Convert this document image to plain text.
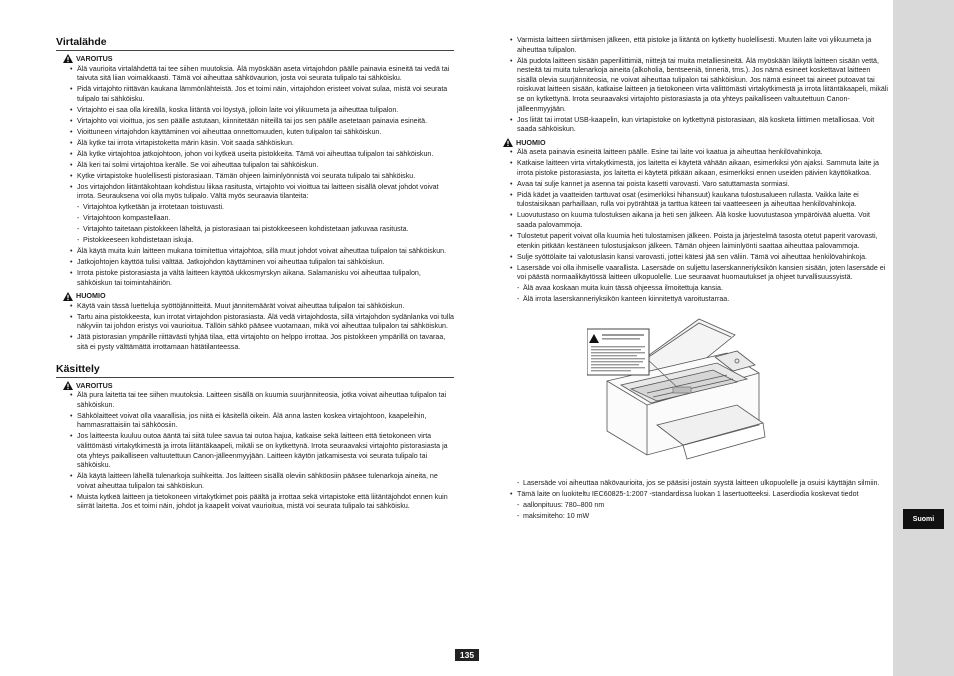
Virtalähde
VAROITUS
• Älä vaurioita virtalähdettä tai tee siihen muutoksia. Älä myöskään aseta virtajohdon päälle painavia esineitä tai vedä tai taivuta sitä liian voimakkaasti. Tämä voi aiheuttaa sähkövaurion, josta voi seurata tulipalo tai sähköisku.
• Pidä virtajohto riittävän kaukana lämmönlähteistä. Jos et toimi näin, virtajohdon eristeet voivat sulaa, mistä voi seurata tulipalo tai sähköisku.
• Virtajohto ei saa olla kireällä, koska liitäntä voi löystyä, jolloin laite voi ylikuumeta ja aiheuttaa tulipalon.
• Virtajohto voi vioittua, jos sen päälle astutaan, kiinnitetään niiteillä tai jos sen päälle asetetaan painavia esineitä.
• Vioittuneen virtajohdon käyttäminen voi aiheuttaa onnettomuuden, kuten tulipalon tai sähköiskun.
• Älä kytke tai irrota virtapistoketta märin käsin. Voit saada sähköiskun.
• Älä kytke virtajohtoa jatkojohtoon, johon voi kytkeä useita pistokkeita. Tämä voi aiheuttaa tulipalon tai sähköiskun.
• Älä keri tai solmi virtajohtoa kerälle. Se voi aiheuttaa tulipalon tai sähköiskun.
• Kytke virtapistoke huolellisesti pistorasiaan. Tämän ohjeen laiminlyönnistä voi seurata tulipalo tai sähköisku.
• Jos virtajohdon liitäntäkohtaan kohdistuu liikaa rasitusta, virtajohto voi vioittua tai laitteen sisällä olevat johdot voivat irrota. Seurauksena voi olla myös tulipalo. Vältä myös seuraavia tilanteita:
- Virtajohtoa kytketään ja irrotetaan toistuvasti.
- Virtajohtoon kompastellaan.
- Virtajohto taitetaan pistokkeen läheltä, ja pistorasiaan tai pistokkeeseen kohdistetaan jatkuvaa rasitusta.
- Pistokkeeseen kohdistetaan iskuja.
• Älä käytä muita kuin laitteen mukana toimitettua virtajohtoa, sillä muut johdot voivat aiheuttaa tulipalon tai sähköiskun.
• Jatkojohtojen käyttöä tulisi välttää. Jatkojohdon käyttäminen voi aiheuttaa tulipalon tai sähköiskun.
• Irrota pistoke pistorasiasta ja vältä laitteen käyttöä ukkosmyrskyn aikana. Salamanisku voi aiheuttaa tulipalon, sähköiskun tai toimintahäiriön.
HUOMIO
• Käytä vain tässä luetteluja syöttöjännitteitä. Muut jännitemäärät voivat aiheuttaa tulipalon tai sähköiskun.
• Tartu aina pistokkeesta, kun irrotat virtajohdon pistorasiasta. Älä vedä virtajohdosta, sillä virtajohdon sydänlanka voi tulla näkyviin tai johdon eristys voi vaurioitua. Tällöin sähkö pääsee vuotamaan, mikä voi aiheuttaa tulipalon tai sähköiskun.
• Jätä pistorasian ympärille riittävästi tyhjää tilaa, että virtajohto on helppo irrottaa. Jos pistokkeen ympärillä on tavaraa, sitä ei pysty välttämättä irrottamaan hätätilanteessa.
Käsittely
VAROITUS
• Älä pura laitetta tai tee siihen muutoksia. Laitteen sisällä on kuumia suurjänniteosia, jotka voivat aiheuttaa tulipalon tai sähköiskun.
• Sähkölaitteet voivat olla vaarallisia, jos niitä ei käsitellä oikein. Älä anna lasten koskea virtajohtoon, kaapeleihin, hammasrattaisiin tai sähköosiin.
• Jos laitteesta kuuluu outoa ääntä tai siitä tulee savua tai outoa hajua, katkaise sekä laitteen että tietokoneen virta välittömästi virtakytkimestä ja irrota liitäntäkaapeli, mikäli se on kytkettynä. Irrota seuraavaksi virtajohto pistorasiasta ja ota yhteys paikalliseen valtuutettuun Canon-jälleenmyyjään. Laitteen käytön jatkamisesta voi seurata tulipalo tai sähköisku.
• Älä käytä laitteen lähellä tulenarkoja suihkeitta. Jos laitteen sisällä oleviin sähköosiin pääsee tulenarkoja aineita, ne voivat aiheuttaa tulipalon tai sähköiskun.
• Muista kytkeä laitteen ja tietokoneen virtakytkimet pois päältä ja irrottaa sekä virtapistoke että liitäntäjohdot ennen kuin siirrät laitetta. Jos et toimi näin, johdot ja kaapelit voivat vaurioitua, mistä voi seurata tulipalo tai sähköisku.
• Varmista laitteen siirtämisen jälkeen, että pistoke ja liitäntä on kytketty huolellisesti. Muuten laite voi ylikuumeta ja aiheuttaa tulipalon.
• Älä pudota laitteen sisään paperiliittimiä, niittejä tai muita metalliesineitä. Älä myöskään läikytä laitteen sisään vettä, nesteitä tai muita tulenarkoja aineita (alkoholia, bentseeniä, tinneriä, tms.). Jos nämä esineet koskettavat laitteen sisällä olevia suurjänniteosia, ne voivat aiheuttaa tulipalon tai sähköiskun. Jos nämä esineet tai aineet putoavat tai roiskuvat laitteen sisään, katkaise laitteen ja tietokoneen virta välittömästi virtakytkimestä ja irrota liitäntäkaapeli, mikäli se on kytkettynä. Irrota seuraavaksi virtajohto pistorasiasta ja ota yhteys paikalliseen valtuutettuun Canon-jälleenmyyjään.
• Jos liität tai irrotat USB-kaapelin, kun virtapistoke on kytkettynä pistorasiaan, älä kosketa liittimen metalliosaa. Voit saada sähköiskun.
HUOMIO
• Älä aseta painavia esineitä laitteen päälle. Esine tai laite voi kaatua ja aiheuttaa henkilövahinkoja.
• Katkaise laitteen virta virtakytkimestä, jos laitetta ei käytetä vähään aikaan, esimerkiksi yön ajaksi. Sammuta laite ja irrota pistoke pistorasiasta, jos laitetta ei käytetä pitkään aikaan, esimerkiksi ennen useiden päivien käyttökatkoa.
• Avaa tai sulje kannet ja asenna tai poista kasetti varovasti. Varo satuttamasta sormiasi.
• Pidä kädet ja vaatteiden tarttuvat osat (esimerkiksi hihansuut) kaukana tulostusalueen rullasta. Vaikka laite ei tulostaisikaan parhaillaan, rulla voi pyörähtää ja tarttua käteen tai vaatteeseen ja aiheuttaa henkilövahinkoja.
• Luovutustaso on kuuma tulostuksen aikana ja heti sen jälkeen. Älä koske luovutustasoa ympäröivää aluetta. Voit saada palovammoja.
• Tulostetut paperit voivat olla kuumia heti tulostamisen jälkeen. Poista ja järjestelmä tasosta otetut paperit varovasti, etenkin pitkään kestäneen tulostusjakson jälkeen. Tämän ohjeen laiminlyönti saattaa aiheuttaa palovammoja.
• Sulje syöttölaite tai valotuslasin kansi varovasti, jottei kätesi jää sen väliin. Tämä voi aiheuttaa henkilövahinkoja.
• Lasersäde voi olla ihmiselle vaarallista. Lasersäde on suljettu laserskanneriyksikön kansien sisään, joten lasersäde ei voi päästä normaalikäytössä laitteen ulkopuolelle. Lue seuraavat huomautukset ja ohjeet turvallisuussyistä.
- Älä avaa koskaan muita kuin tässä ohjeessa ilmoitettuja kansia.
- Älä irrota laserskanneriyksikön kanteen kiinnitettyä varoitustarraa.
- Lasersäde voi aiheuttaa näkövaurioita, jos se pääsisi jostain syystä laitteen ulkopuolelle ja osuisi käyttäjän silmiin.
• Tämä laite on luokiteltu IEC60825-1:2007 -standardissa luokan 1 lasertuotteeksi. Laserdiodia koskevat tiedot
- aallonpituus: 780–800 nm
- maksimiteho: 10 mW
135
Suomi
